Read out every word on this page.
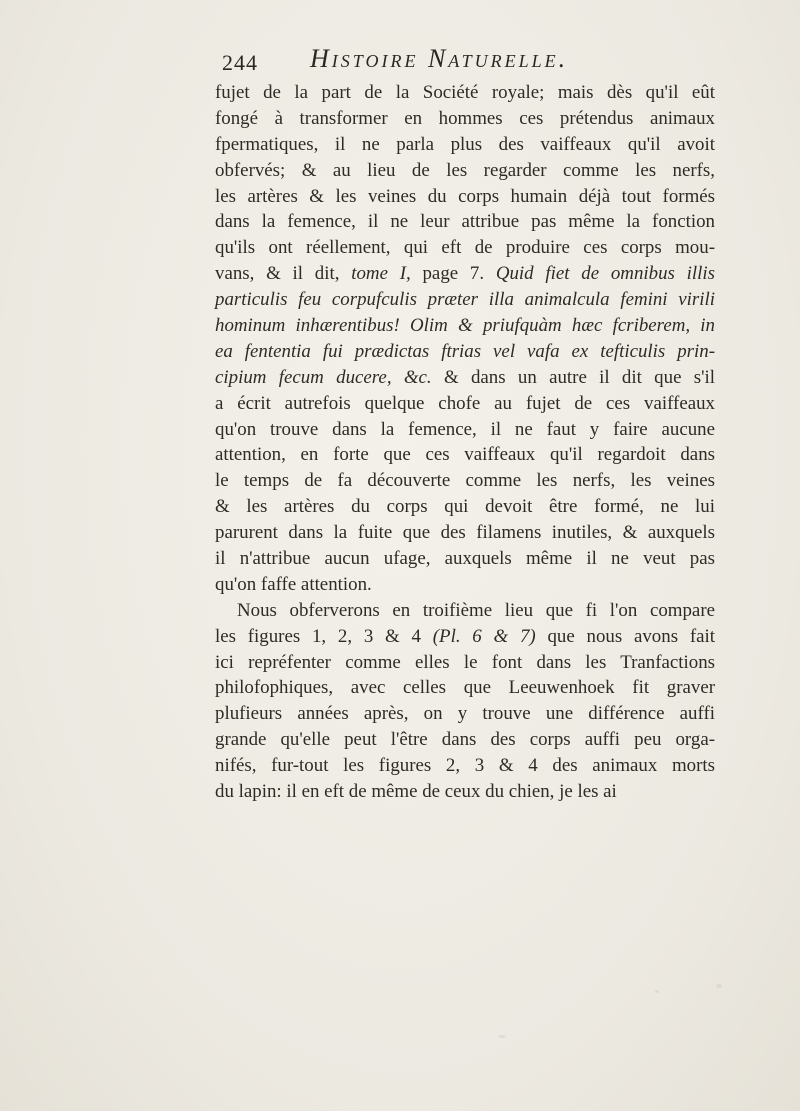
244 Histoire Naturelle.
fujet de la part de la Société royale; mais dès qu'il eût
fongé à transformer en hommes ces prétendus animaux
fpermatiques, il ne parla plus des vaiffeaux qu'il avoit
obfervés; & au lieu de les regarder comme les nerfs,
les artères & les veines du corps humain déjà tout formés
dans la femence, il ne leur attribue pas même la fonction
qu'ils ont réellement, qui eft de produire ces corps mou-
vans, & il dit, tome I, page 7. Quid fiet de omnibus illis
particulis feu corpufculis præter illa animalcula femini virili
hominum inhærentibus! Olim & priufquàm hæc fcriberem, in
ea fententia fui prædictas ftrias vel vafa ex tefticulis prin-
cipium fecum ducere, &c. & dans un autre il dit que s'il
a écrit autrefois quelque chofe au fujet de ces vaiffeaux
qu'on trouve dans la femence, il ne faut y faire aucune
attention, en forte que ces vaiffeaux qu'il regardoit dans
le temps de fa découverte comme les nerfs, les veines
& les artères du corps qui devoit être formé, ne lui
parurent dans la fuite que des filamens inutiles, & auxquels
il n'attribue aucun ufage, auxquels même il ne veut pas
qu'on faffe attention.
Nous obferverons en troifième lieu que fi l'on compare
les figures 1, 2, 3 & 4 (Pl. 6 & 7) que nous avons fait
ici repréfenter comme elles le font dans les Tranfactions
philofophiques, avec celles que Leeuwenhoek fit graver
plufieurs années après, on y trouve une différence auffi
grande qu'elle peut l'être dans des corps auffi peu orga-
nifés, fur-tout les figures 2, 3 & 4 des animaux morts
du lapin: il en eft de même de ceux du chien, je les ai
